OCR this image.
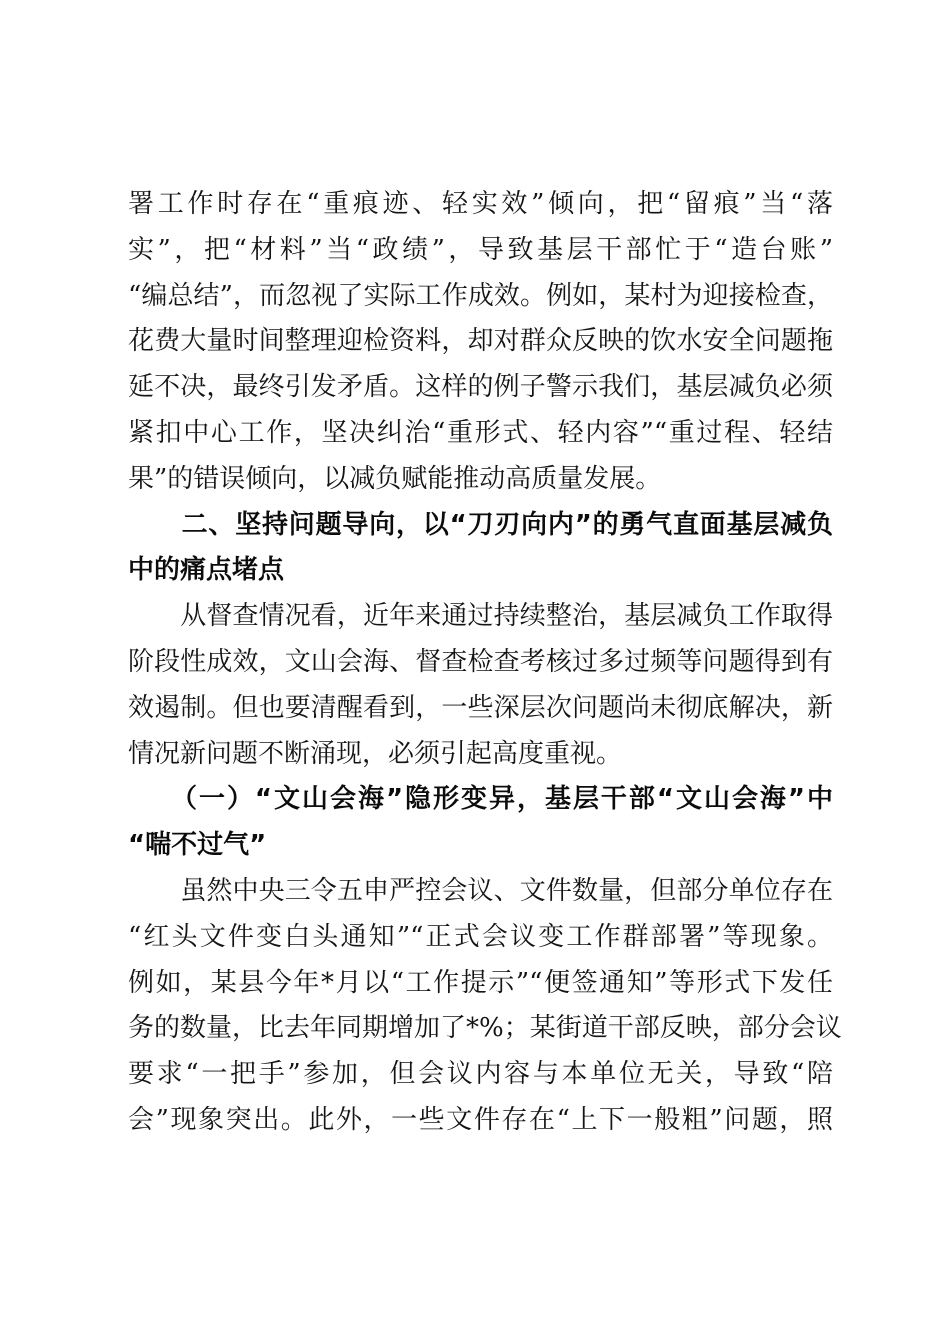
署工作时存在“重痕迹、轻实效”倾向，把“留痕”当“落
实”，把“材料”当“政绩”，导致基层干部忙于“造台账”
“编总结”，而忽视了实际工作成效。例如，某村为迎接检查，
花费大量时间整理迎检资料，却对群众反映的饮水安全问题拖
延不决，最终引发矛盾。这样的例子警示我们，基层减负必须
紧扣中心工作，坚决纠治“重形式、轻内容”“重过程、轻结
果”的错误倾向，以减负赋能推动高质量发展。
　　二、坚持问题导向，以“刀刃向内”的勇气直面基层减负
中的痛点堵点
　　从督查情况看，近年来通过持续整治，基层减负工作取得
阶段性成效，文山会海、督查检查考核过多过频等问题得到有
效遏制。但也要清醒看到，一些深层次问题尚未彻底解决，新
情况新问题不断涌现，必须引起高度重视。
　　（一）“文山会海”隐形变异，基层干部“文山会海”中
“喘不过气”
　　虽然中央三令五申严控会议、文件数量，但部分单位存在
“红头文件变白头通知”“正式会议变工作群部署”等现象。
例如，某县今年*月以“工作提示”“便签通知”等形式下发任
务的数量，比去年同期增加了*%；某街道干部反映，部分会议
要求“一把手”参加，但会议内容与本单位无关，导致“陪
会”现象突出。此外，一些文件存在“上下一般粗”问题，照
